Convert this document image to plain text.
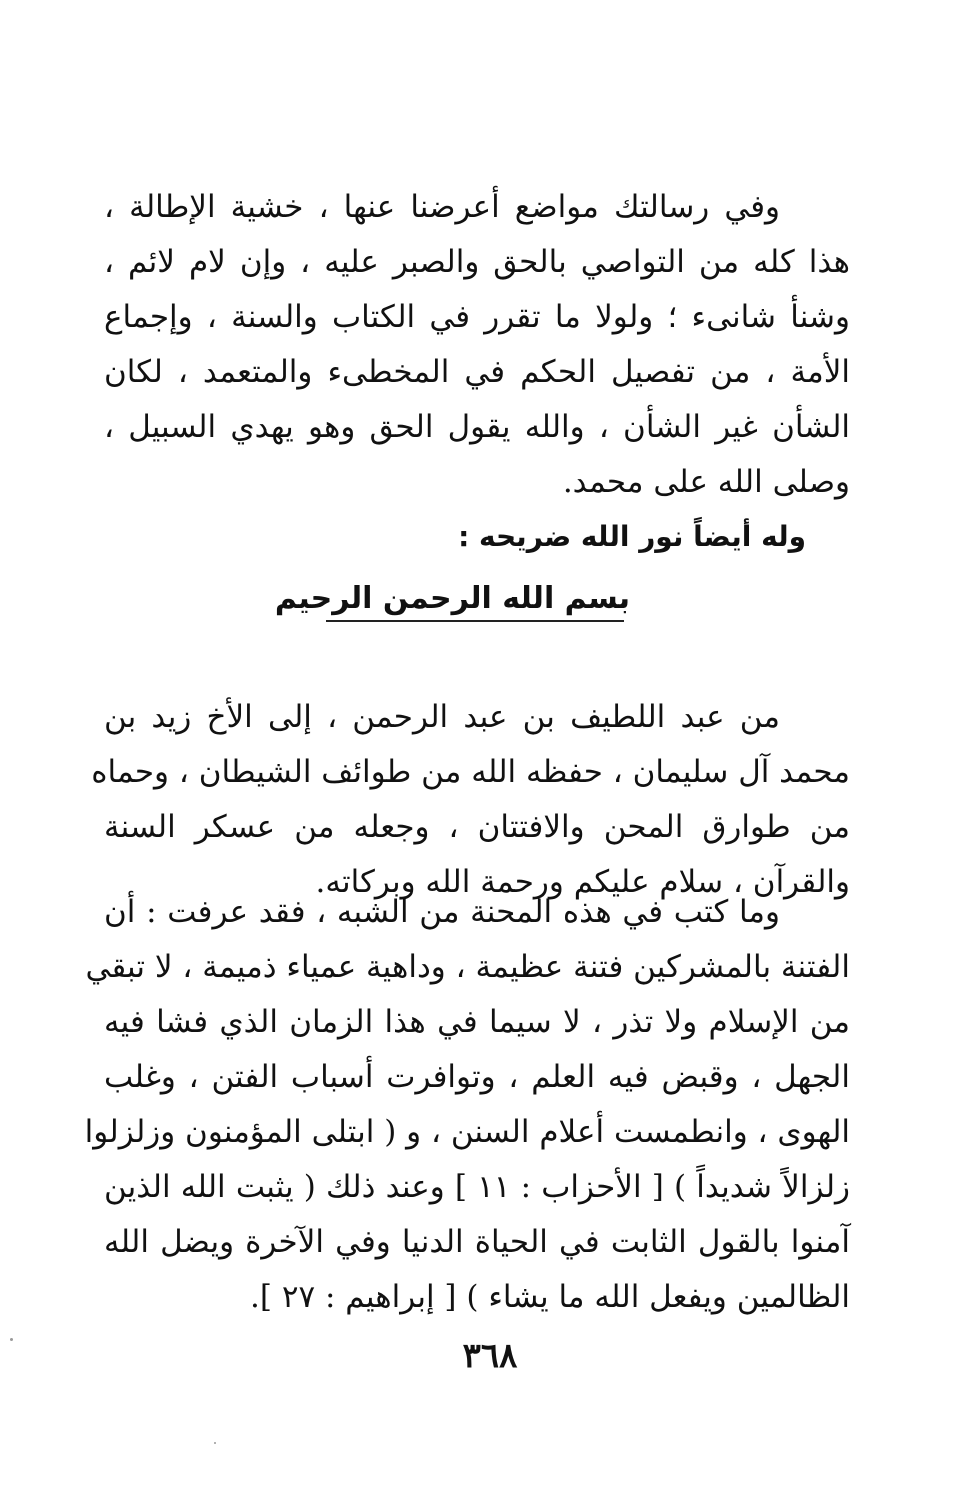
وفي رسالتك مواضع أعرضنا عنها ، خشية الإطالة ،
هذا كله من التواصي بالحق والصبر عليه ، وإن لام لائم ،
وشنأ شانىء ؛ ولولا ما تقرر في الكتاب والسنة ، وإجماع
الأمة ، من تفصيل الحكم في المخطىء والمتعمد ، لكان
الشأن غير الشأن ، والله يقول الحق وهو يهدي السبيل ،
وصلى الله على محمد.
وله أيضاً نور الله ضريحه :
بسم الله الرحمن الرحيم
من عبد اللطيف بن عبد الرحمن ، إلى الأخ زيد بن
محمد آل سليمان ، حفظه الله من طوائف الشيطان ، وحماه
من طوارق المحن والافتتان ، وجعله من عسكر السنة
والقرآن ، سلام عليكم ورحمة الله وبركاته.
وما كتب في هذه المحنة من الشبه ، فقد عرفت : أن
الفتنة بالمشركين فتنة عظيمة ، وداهية عمياء ذميمة ، لا تبقي
من الإسلام ولا تذر ، لا سيما في هذا الزمان الذي فشا فيه
الجهل ، وقبض فيه العلم ، وتوافرت أسباب الفتن ، وغلب
الهوى ، وانطمست أعلام السنن ، و ( ابتلى المؤمنون وزلزلوا
زلزالاً شديداً ) [ الأحزاب : ١١ ] وعند ذلك ( يثبت الله الذين
آمنوا بالقول الثابت في الحياة الدنيا وفي الآخرة ويضل الله
الظالمين ويفعل الله ما يشاء ) [ إبراهيم : ٢٧ ].
٣٦٨
